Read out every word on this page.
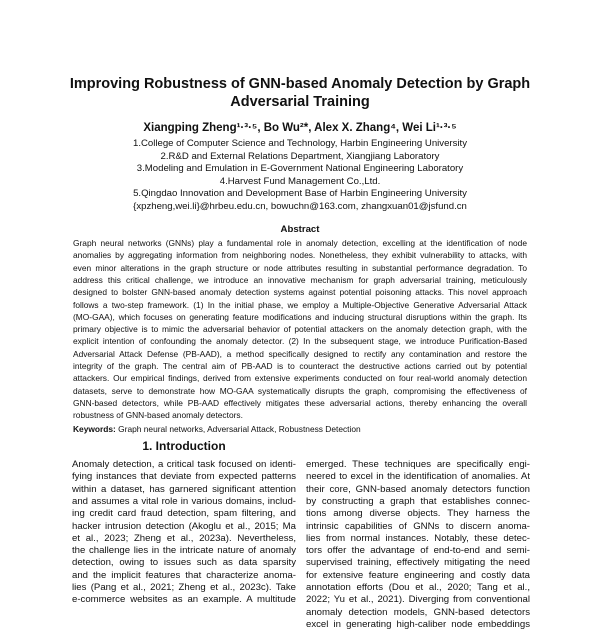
Improving Robustness of GNN-based Anomaly Detection by Graph
Adversarial Training
Xiangping Zheng¹·³·⁵, Bo Wu²*, Alex X. Zhang⁴, Wei Li¹·³·⁵
1.College of Computer Science and Technology, Harbin Engineering University
2.R&D and External Relations Department, Xiangjiang Laboratory
3.Modeling and Emulation in E-Government National Engineering Laboratory
4.Harvest Fund Management Co.,Ltd.
5.Qingdao Innovation and Development Base of Harbin Engineering University
{xpzheng,wei.li}@hrbeu.edu.cn, bowuchn@163.com, zhangxuan01@jsfund.cn
Abstract
Graph neural networks (GNNs) play a fundamental role in anomaly detection, excelling at the identification of node
anomalies by aggregating information from neighboring nodes. Nonetheless, they exhibit vulnerability to attacks, with
even minor alterations in the graph structure or node attributes resulting in substantial performance degradation. To
address this critical challenge, we introduce an innovative mechanism for graph adversarial training, meticulously
designed to bolster GNN-based anomaly detection systems against potential poisoning attacks. This novel approach
follows a two-step framework. (1) In the initial phase, we employ a Multiple-Objective Generative Adversarial Attack
(MO-GAA), which focuses on generating feature modifications and inducing structural disruptions within the graph. Its
primary objective is to mimic the adversarial behavior of potential attackers on the anomaly detection graph, with the
explicit intention of confounding the anomaly detector. (2) In the subsequent stage, we introduce Purification-Based
Adversarial Attack Defense (PB-AAD), a method specifically designed to rectify any contamination and restore the
integrity of the graph. The central aim of PB-AAD is to counteract the destructive actions carried out by potential
attackers. Our empirical findings, derived from extensive experiments conducted on four real-world anomaly detection
datasets, serve to demonstrate how MO-GAA systematically disrupts the graph, compromising the effectiveness of
GNN-based detectors, while PB-AAD effectively mitigates these adversarial actions, thereby enhancing the overall
robustness of GNN-based anomaly detectors.
Keywords: Graph neural networks, Adversarial Attack, Robustness Detection
1. Introduction
Anomaly detection, a critical task focused on identi-
fying instances that deviate from expected patterns
within a dataset, has garnered significant attention
and assumes a vital role in various domains, includ-
ing credit card fraud detection, spam filtering, and
hacker intrusion detection (Akoglu et al., 2015; Ma
et al., 2023; Zheng et al., 2023a). Nevertheless,
the challenge lies in the intricate nature of anomaly
detection, owing to issues such as data sparsity
and the implicit features that characterize anoma-
lies (Pang et al., 2021; Zheng et al., 2023c). Take
e-commerce websites as an example. A multitude
emerged. These techniques are specifically engi-
neered to excel in the identification of anomalies. At
their core, GNN-based anomaly detectors function
by constructing a graph that establishes connec-
tions among diverse objects. They harness the
intrinsic capabilities of GNNs to discern anoma-
lies from normal instances. Notably, these detec-
tors offer the advantage of end-to-end and semi-
supervised training, effectively mitigating the need
for extensive feature engineering and costly data
annotation efforts (Dou et al., 2020; Tang et al.,
2022; Yu et al., 2021). Diverging from conventional
anomaly detection models, GNN-based detectors
excel in generating high-caliber node embeddings
